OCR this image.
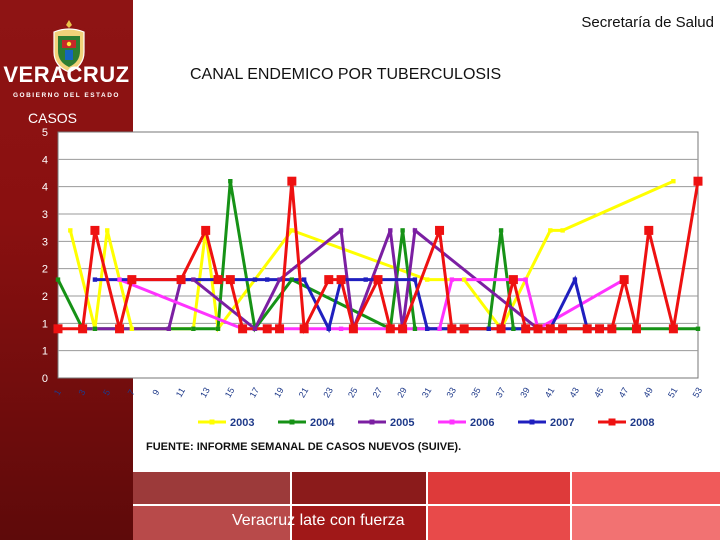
VERACRUZ
GOBIERNO DEL ESTADO
Secretaría de Salud
CANAL ENDEMICO POR TUBERCULOSIS
CASOS
5
4
4
3
3
2
2
1
1
0
1 3 5 7 9 11 13 15 17 19 21 23 25 27 29 31 33 35 37 39 41 43 45 47 49 51 53
2003	2004	2005	2006	2007	2008
FUENTE: INFORME SEMANAL DE CASOS NUEVOS (SUIVE).
Veracruz late con fuerza
